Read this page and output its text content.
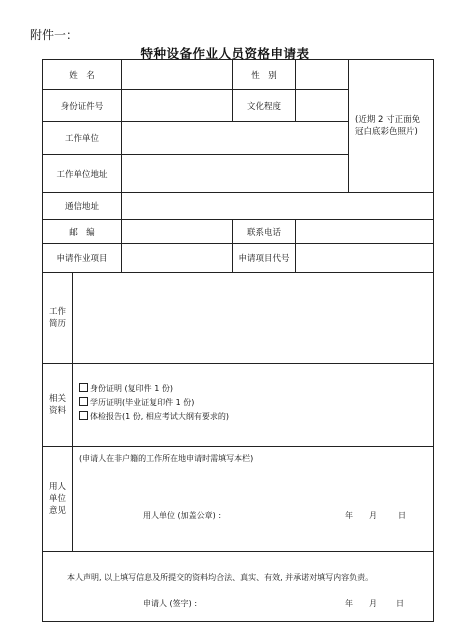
附件一：
特种设备作业人员资格申请表
姓　名	性　别
(近期 2 寸正面免 冠白底彩色照片)
身份证件号	文化程度
工作单位
工作单位地址
通信地址
邮　编	联系电话
申请作业项目	申请项目代号
工作简历
相关资料
身份证明 (复印件 1 份)
学历证明(毕业证复印件 1 份)
体检报告(1 份, 相应考试大纲有要求的)
用人单位意见
(申请人在非户籍的工作所在地申请时需填写本栏)
用人单位 (加盖公章) :	年 月	日
本人声明, 以上填写信息及所提交的资料均合法、真实、有效, 并承诺对填写内容负责。
申请人 (签字) :	年 月 日
